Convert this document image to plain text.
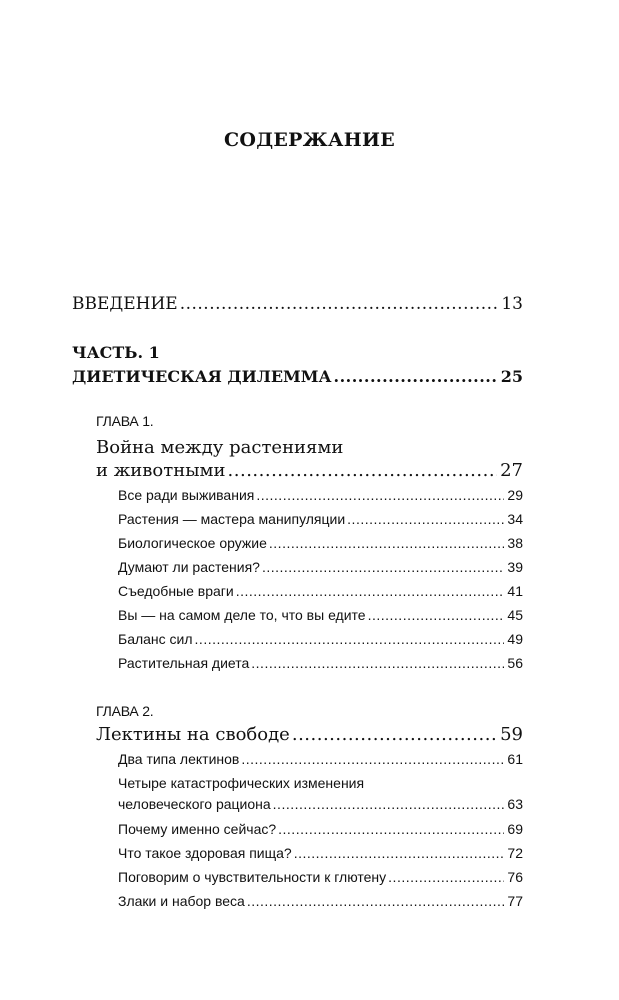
СОДЕРЖАНИЕ
ВВЕДЕНИЕ .....	13
ЧАСТЬ. 1
ДИЕТИЧЕСКАЯ ДИЛЕММА .....	25
ГЛАВА 1.
Война между растениями
и животными .....	27
Все ради выживания .....	29
Растения — мастера манипуляции .....	34
Биологическое оружие .....	38
Думают ли растения? .....	39
Съедобные враги .....	41
Вы — на самом деле то, что вы едите .....	45
Баланс сил .....	49
Растительная диета .....	56
ГЛАВА 2.
Лектины на свободе .....	59
Два типа лектинов .....	61
Четыре катастрофических изменения
человеческого рациона .....	63
Почему именно сейчас? .....	69
Что такое здоровая пища? .....	72
Поговорим о чувствительности к глютену .....	76
Злаки и набор веса .....	77
